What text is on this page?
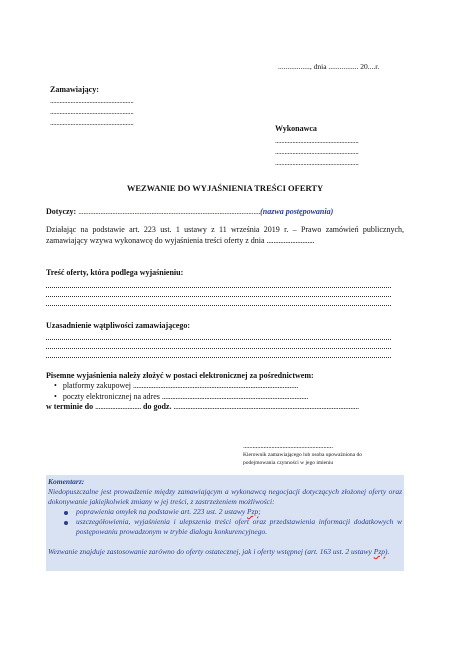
................., dnia ................ 20....r.
Zamawiający:
.....................................................
.....................................................
.....................................................
Wykonawca
.....................................................
.....................................................
.....................................................
WEZWANIE DO WYJAŚNIENIA TREŚCI OFERTY
Dotyczy: ...........................................................................................................(nazwa postępowania)
Działając na podstawie art. 223 ust. 1 ustawy z 11 września 2019 r. – Prawo zamówień publicznych, zamawiający wzywa wykonawcę do wyjaśnienia treści oferty z dnia ............................
Treść oferty, która podlega wyjaśnieniu:
Uzasadnienie wątpliwości zamawiającego:
Pisemne wyjaśnienia należy złożyć w postaci elektronicznej za pośrednictwem:
• platformy zakupowej .................................................................................................
• poczty elektronicznej na adres ......................................................................................
w terminie do ........................... do godz. .............................................................................................................
.........................................................
Kierownik zamawiającego lub osoba upoważniona do
podejmowania czynności w jego imieniu
Komentarz:
Niedopuszczalne jest prowadzenie między zamawiającym a wykonawcą negocjacji dotyczących złożonej oferty oraz dokonywanie jakiejkolwiek zmiany w jej treści, z zastrzeżeniem możliwości:
poprawienia omyłek na podstawie art. 223 ust. 2 ustawy Pzp;
uszczegółowienia, wyjaśnienia i ulepszenia treści ofert oraz przedstawienia informacji dodatkowych w postępowaniu prowadzonym w trybie dialogu konkurencyjnego.
Wezwanie znajduje zastosowanie zarówno do oferty ostatecznej, jak i oferty wstępnej (art. 163 ust. 2 ustawy Pzp).
